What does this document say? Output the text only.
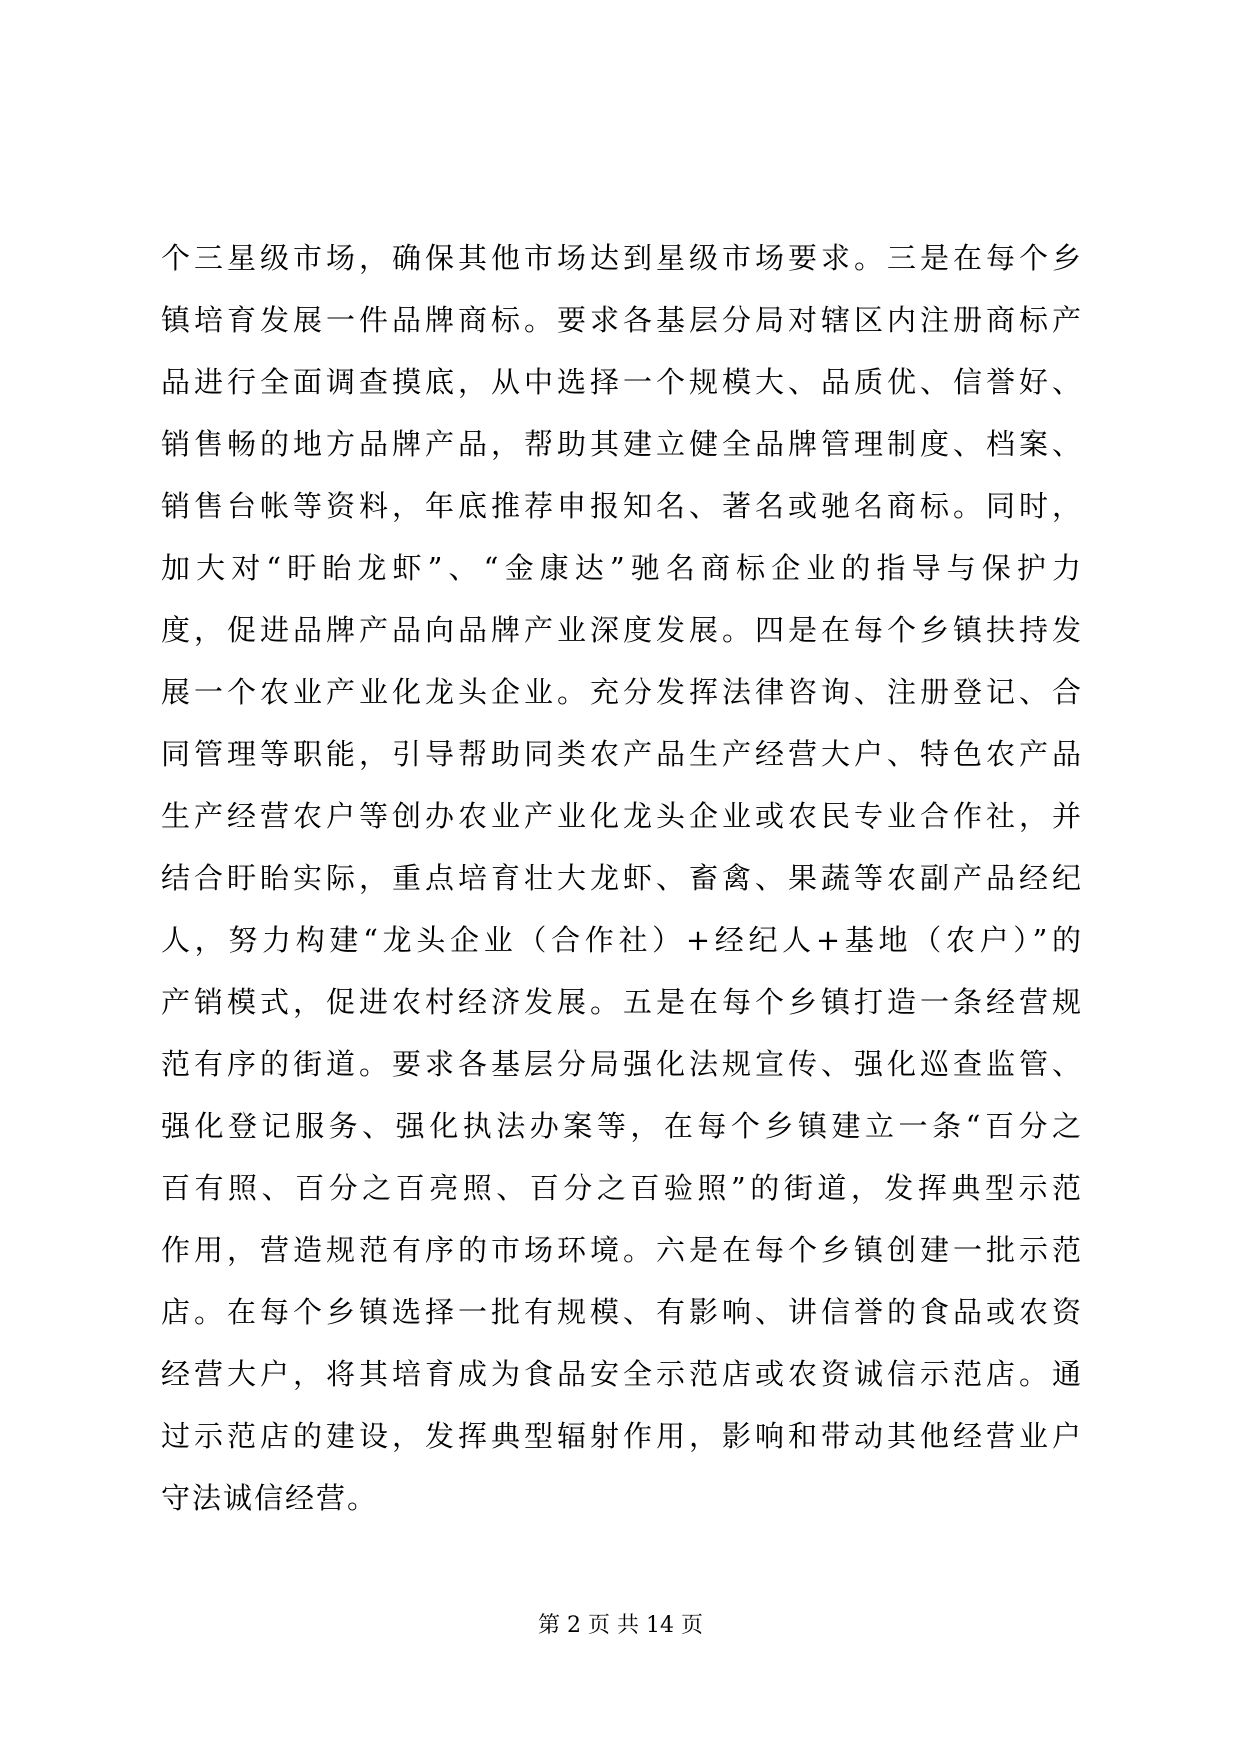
个三星级市场，确保其他市场达到星级市场要求。三是在每个乡
镇培育发展一件品牌商标。要求各基层分局对辖区内注册商标产
品进行全面调查摸底，从中选择一个规模大、品质优、信誉好、
销售畅的地方品牌产品，帮助其建立健全品牌管理制度、档案、
销售台帐等资料，年底推荐申报知名、著名或驰名商标。同时，
加大对“盱眙龙虾”、“金康达”驰名商标企业的指导与保护力
度，促进品牌产品向品牌产业深度发展。四是在每个乡镇扶持发
展一个农业产业化龙头企业。充分发挥法律咨询、注册登记、合
同管理等职能，引导帮助同类农产品生产经营大户、特色农产品
生产经营农户等创办农业产业化龙头企业或农民专业合作社，并
结合盱眙实际，重点培育壮大龙虾、畜禽、果蔬等农副产品经纪
人，努力构建“龙头企业（合作社）+经纪人+基地（农户）”的
产销模式，促进农村经济发展。五是在每个乡镇打造一条经营规
范有序的街道。要求各基层分局强化法规宣传、强化巡查监管、
强化登记服务、强化执法办案等，在每个乡镇建立一条“百分之
百有照、百分之百亮照、百分之百验照”的街道，发挥典型示范
作用，营造规范有序的市场环境。六是在每个乡镇创建一批示范
店。在每个乡镇选择一批有规模、有影响、讲信誉的食品或农资
经营大户，将其培育成为食品安全示范店或农资诚信示范店。通
过示范店的建设，发挥典型辐射作用，影响和带动其他经营业户
守法诚信经营。
第 2 页 共 14 页
